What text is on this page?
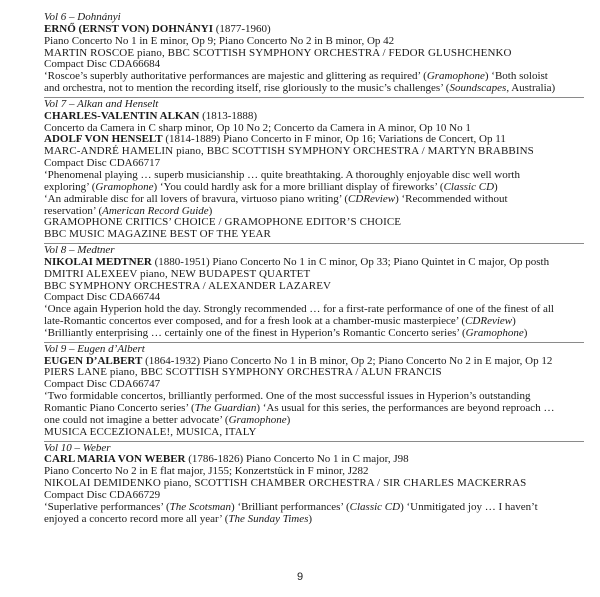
Vol 6 – Dohnányi
ERNŐ (ERNST VON) DOHNÁNYI (1877-1960)
Piano Concerto No 1 in E minor, Op 9; Piano Concerto No 2 in B minor, Op 42
MARTIN ROSCOE piano, BBC SCOTTISH SYMPHONY ORCHESTRA / FEDOR GLUSHCHENKO
Compact Disc CDA66684
‘Roscoe’s superbly authoritative performances are majestic and glittering as required’ (Gramophone) ‘Both soloist
and orchestra, not to mention the recording itself, rise gloriously to the music’s challenges’ (Soundscapes, Australia)
Vol 7 – Alkan and Henselt
CHARLES-VALENTIN ALKAN (1813-1888)
Concerto da Camera in C sharp minor, Op 10 No 2; Concerto da Camera in A minor, Op 10 No 1
ADOLF VON HENSELT (1814-1889) Piano Concerto in F minor, Op 16; Variations de Concert, Op 11
MARC-ANDRÉ HAMELIN piano, BBC SCOTTISH SYMPHONY ORCHESTRA / MARTYN BRABBINS
Compact Disc CDA66717
‘Phenomenal playing … superb musicianship … quite breathtaking. A thoroughly enjoyable disc well worth
exploring’ (Gramophone) ‘You could hardly ask for a more brilliant display of fireworks’ (Classic CD)
‘An admirable disc for all lovers of bravura, virtuoso piano writing’ (CDReview) ‘Recommended without
reservation’ (American Record Guide)
GRAMOPHONE CRITICS’ CHOICE / GRAMOPHONE EDITOR’S CHOICE
BBC MUSIC MAGAZINE BEST OF THE YEAR
Vol 8 – Medtner
NIKOLAI MEDTNER (1880-1951) Piano Concerto No 1 in C minor, Op 33; Piano Quintet in C major, Op posth
DMITRI ALEXEEV piano, NEW BUDAPEST QUARTET
BBC SYMPHONY ORCHESTRA / ALEXANDER LAZAREV
Compact Disc CDA66744
‘Once again Hyperion hold the day. Strongly recommended … for a first-rate performance of one of the finest of all
late-Romantic concertos ever composed, and for a fresh look at a chamber-music masterpiece’ (CDReview)
‘Brilliantly enterprising … certainly one of the finest in Hyperion’s Romantic Concerto series’ (Gramophone)
Vol 9 – Eugen d’Albert
EUGEN D’ALBERT (1864-1932) Piano Concerto No 1 in B minor, Op 2; Piano Concerto No 2 in E major, Op 12
PIERS LANE piano, BBC SCOTTISH SYMPHONY ORCHESTRA / ALUN FRANCIS
Compact Disc CDA66747
‘Two formidable concertos, brilliantly performed. One of the most successful issues in Hyperion’s outstanding
Romantic Piano Concerto series’ (The Guardian) ‘As usual for this series, the performances are beyond reproach …
one could not imagine a better advocate’ (Gramophone)
MUSICA ECCEZIONALE!, MUSICA, ITALY
Vol 10 – Weber
CARL MARIA VON WEBER (1786-1826) Piano Concerto No 1 in C major, J98
Piano Concerto No 2 in E flat major, J155; Konzertstück in F minor, J282
NIKOLAI DEMIDENKO piano, SCOTTISH CHAMBER ORCHESTRA / SIR CHARLES MACKERRAS
Compact Disc CDA66729
‘Superlative performances’ (The Scotsman) ‘Brilliant performances’ (Classic CD) ‘Unmitigated joy … I haven’t
enjoyed a concerto record more all year’ (The Sunday Times)
9
